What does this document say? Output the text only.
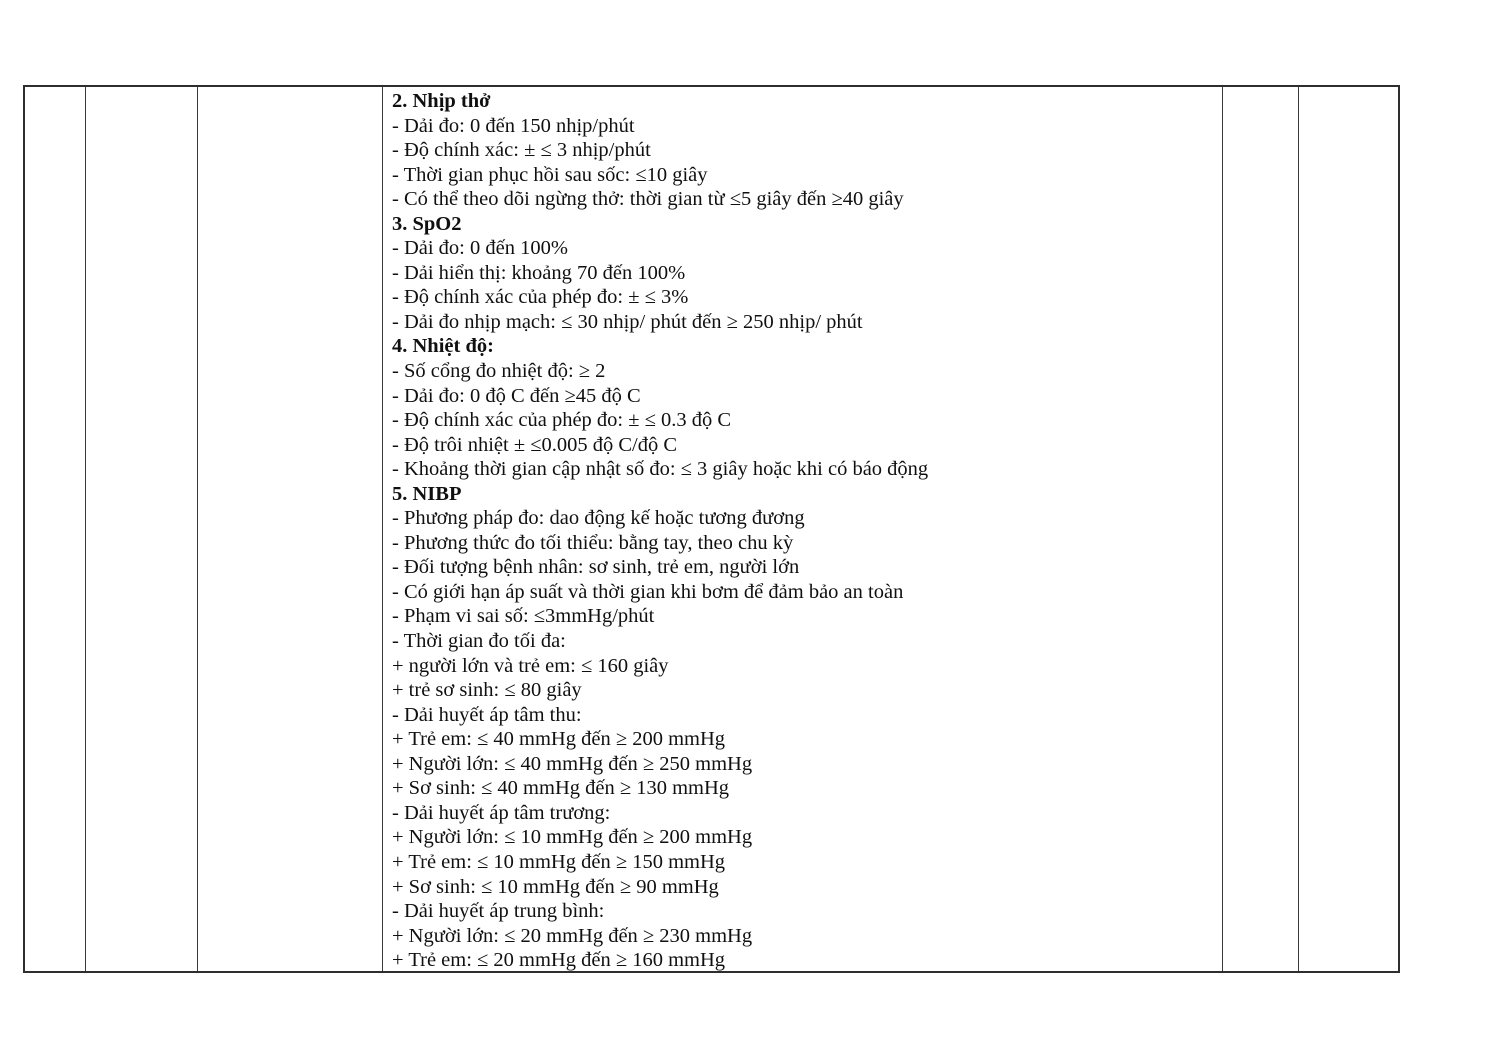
2. Nhịp thở
- Dải đo: 0 đến 150 nhịp/phút
- Độ chính xác: ± ≤ 3 nhịp/phút
- Thời gian phục hồi sau sốc: ≤10 giây
- Có thể theo dõi ngừng thở: thời gian từ ≤5 giây đến ≥40 giây
3. SpO2
- Dải đo: 0 đến 100%
- Dải hiển thị: khoảng 70 đến 100%
- Độ chính xác của phép đo: ± ≤ 3%
- Dải đo nhịp mạch: ≤ 30 nhịp/ phút đến ≥ 250 nhịp/ phút
4. Nhiệt độ:
- Số cổng đo nhiệt độ: ≥ 2
- Dải đo: 0 độ C đến ≥45 độ C
- Độ chính xác của phép đo: ± ≤ 0.3 độ C
- Độ trôi nhiệt ± ≤0.005 độ C/độ C
- Khoảng thời gian cập nhật số đo: ≤ 3 giây hoặc khi có báo động
5. NIBP
- Phương pháp đo: dao động kế hoặc tương đương
- Phương thức đo tối thiểu: bằng tay, theo chu kỳ
- Đối tượng bệnh nhân: sơ sinh, trẻ em, người lớn
- Có giới hạn áp suất và thời gian khi bơm để đảm bảo an toàn
- Phạm vi sai số: ≤3mmHg/phút
- Thời gian đo tối đa:
+ người lớn và trẻ em: ≤ 160 giây
+ trẻ sơ sinh: ≤ 80 giây
- Dải huyết áp tâm thu:
+ Trẻ em: ≤ 40 mmHg đến ≥ 200 mmHg
+ Người lớn: ≤ 40 mmHg đến ≥ 250 mmHg
+ Sơ sinh: ≤ 40 mmHg đến ≥ 130 mmHg
- Dải huyết áp tâm trương:
+ Người lớn: ≤ 10 mmHg đến ≥ 200 mmHg
+ Trẻ em: ≤ 10 mmHg đến ≥ 150 mmHg
+ Sơ sinh: ≤ 10 mmHg đến ≥ 90 mmHg
- Dải huyết áp trung bình:
+ Người lớn: ≤ 20 mmHg đến ≥ 230 mmHg
+ Trẻ em: ≤ 20 mmHg đến ≥ 160 mmHg
